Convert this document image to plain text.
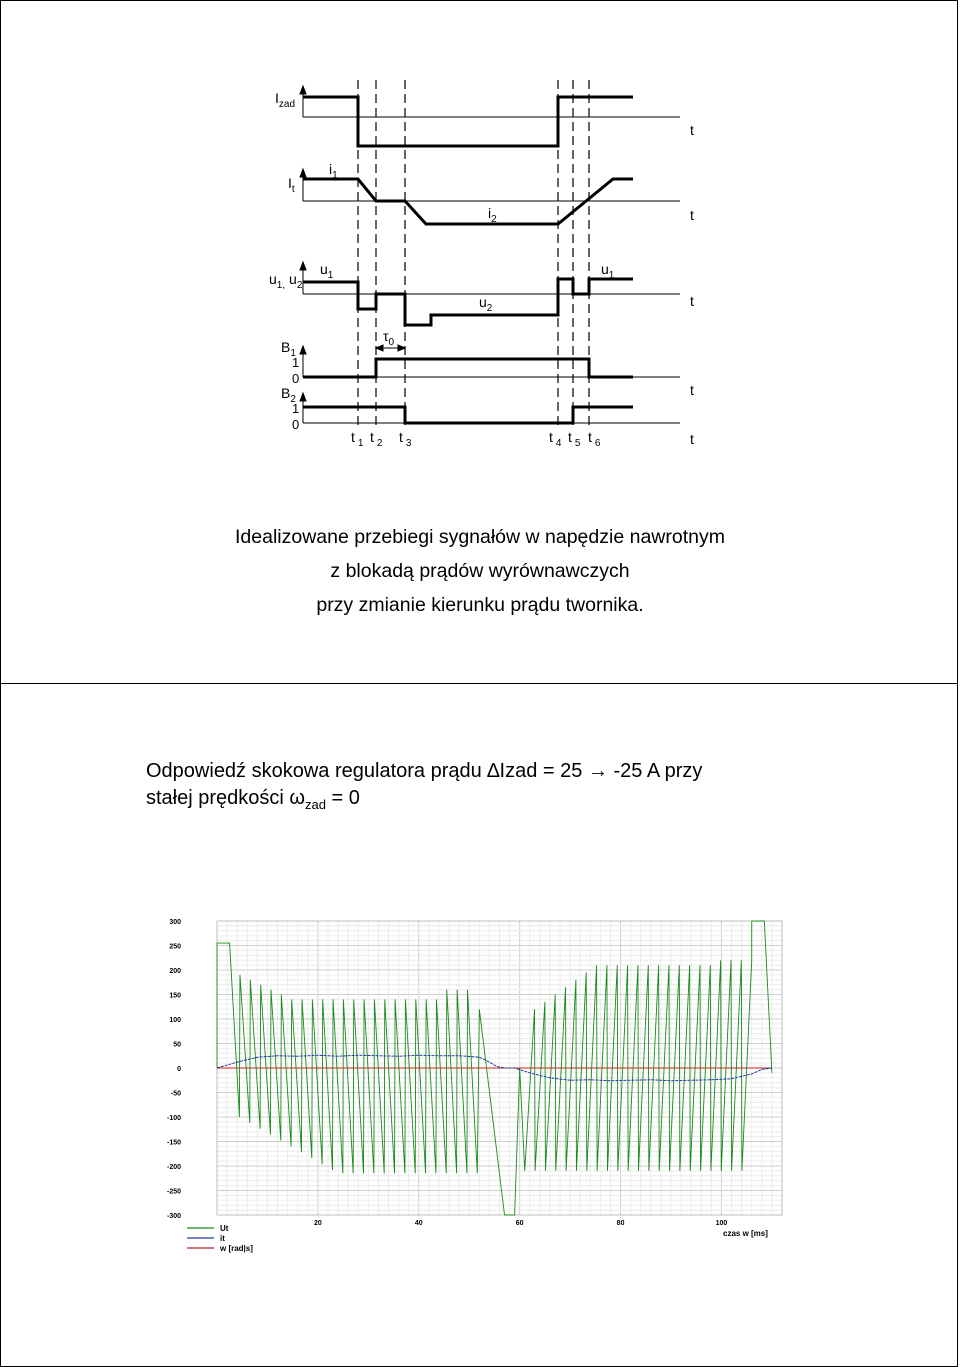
$I_{zad}$
$I_t$
$u_{1,}$ $u_2$
$B_1$
$B_2$
1
0
1
0
t
t
t
t
t
$i_1$
$i_2$
$u_1$	$u_1$
$u_2$
$\tau_0$
t $_1$ t $_2$ t $_3$	t $_4$ t $_5$ t $_6$
Idealizowane przebiegi sygnałów w napędzie nawrotnym
z blokadą prądów wyrównawczych
przy zmianie kierunku prądu twornika.
Odpowiedź skokowa regulatora prądu ∆Izad = 25 → -25 A przy
stałej prędkości $\omega_{zad} = 0$
300
250
200
150
100
50
0
-50
-100
-150
-200
-250
-300
20	40	60	80	100
Ut
it
w [rad|s]
czas w [ms]
